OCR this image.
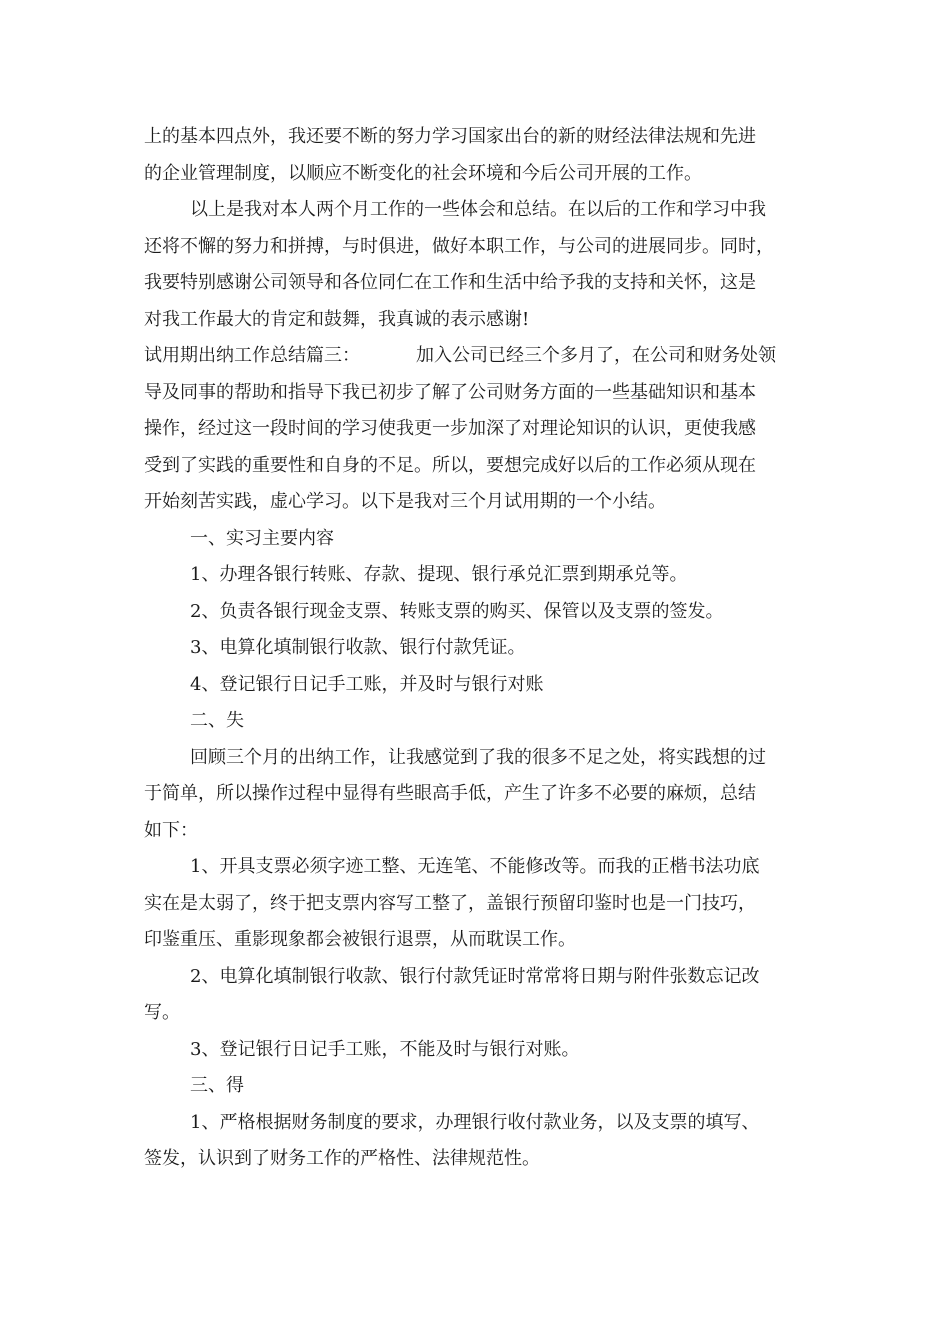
上的基本四点外，我还要不断的努力学习国家出台的新的财经法律法规和先进
的企业管理制度，以顺应不断变化的社会环境和今后公司开展的工作。
以上是我对本人两个月工作的一些体会和总结。在以后的工作和学习中我
还将不懈的努力和拼搏，与时俱进，做好本职工作，与公司的进展同步。同时，
我要特别感谢公司领导和各位同仁在工作和生活中给予我的支持和关怀，这是
对我工作最大的肯定和鼓舞，我真诚的表示感谢!
试用期出纳工作总结篇三：	加入公司已经三个多月了，在公司和财务处领
导及同事的帮助和指导下我已初步了解了公司财务方面的一些基础知识和基本
操作，经过这一段时间的学习使我更一步加深了对理论知识的认识，更使我感
受到了实践的重要性和自身的不足。所以，要想完成好以后的工作必须从现在
开始刻苦实践，虚心学习。以下是我对三个月试用期的一个小结。
一、实习主要内容
1、办理各银行转账、存款、提现、银行承兑汇票到期承兑等。
2、负责各银行现金支票、转账支票的购买、保管以及支票的签发。
3、电算化填制银行收款、银行付款凭证。
4、登记银行日记手工账，并及时与银行对账
二、失
回顾三个月的出纳工作，让我感觉到了我的很多不足之处，将实践想的过
于简单，所以操作过程中显得有些眼高手低，产生了许多不必要的麻烦，总结
如下：
1、开具支票必须字迹工整、无连笔、不能修改等。而我的正楷书法功底
实在是太弱了，终于把支票内容写工整了，盖银行预留印鉴时也是一门技巧，
印鉴重压、重影现象都会被银行退票，从而耽误工作。
2、电算化填制银行收款、银行付款凭证时常常将日期与附件张数忘记改
写。
3、登记银行日记手工账，不能及时与银行对账。
三、得
1、严格根据财务制度的要求，办理银行收付款业务，以及支票的填写、
签发，认识到了财务工作的严格性、法律规范性。
